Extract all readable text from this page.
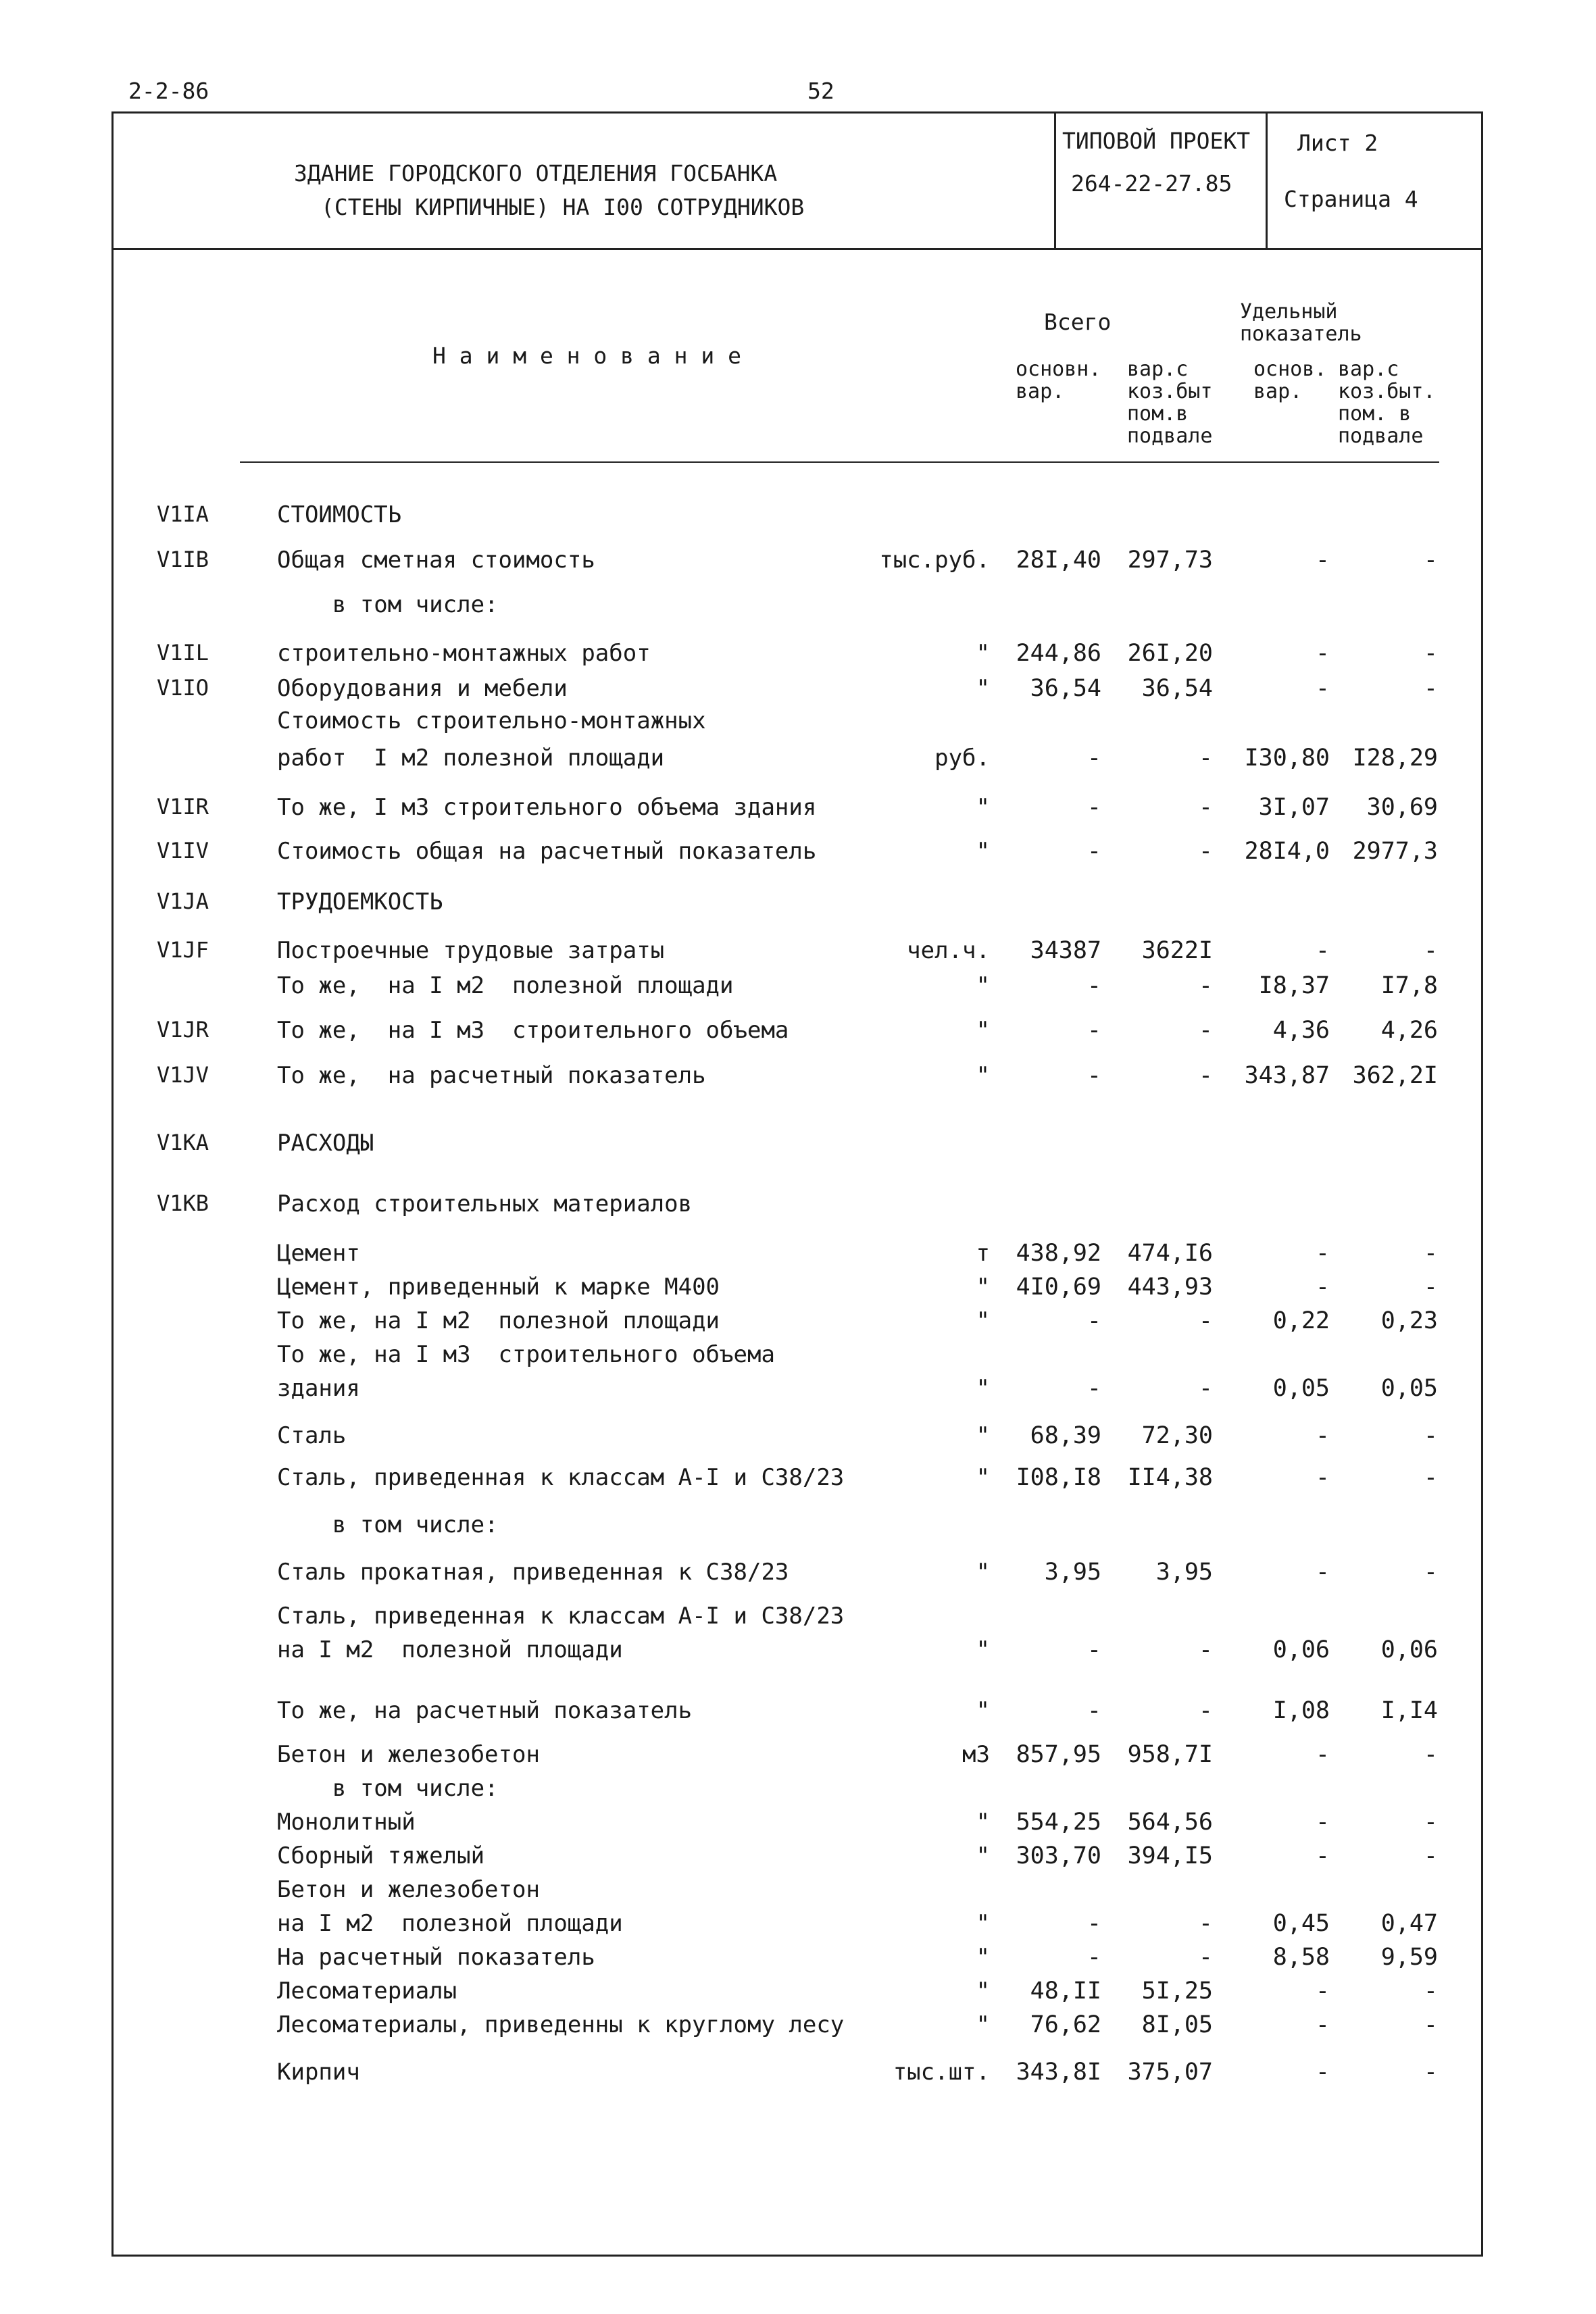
2-2-86	52
ЗДАНИЕ ГОРОДСКОГО ОТДЕЛЕНИЯ ГОСБАНКА
(СТЕНЫ КИРПИЧНЫЕ) НА I00 СОТРУДНИКОВ
ТИПОВОЙ ПРОЕКТ
264-22-27.85
Лист 2
Страница 4
Н а и м е н о в а н и е
Всего
основн.
вар.
вар.с
коз.быт
пом.в
подвале
Удельный
показатель
основ.
вар.
вар.с
коз.быт.
пом. в
подвале
V1IA	СТОИМОСТЬ
V1IB	Общая сметная стоимость	тыс.руб. 28I,40 297,73	-	-
в том числе:
V1IL	строительно-монтажных работ	" 244,86 26I,20	-	-
V1IO	Оборудования и мебели	" 36,54 36,54	-	-
Стоимость строительно-монтажных
работ  I м2 полезной площади	руб.	-	- I30,80 I28,29
V1IR	То же, I м3 строительного объема здания	"	-	- 3I,07 30,69
V1IV	Стоимость общая на расчетный показатель	"	-	- 28I4,0 2977,3
V1JA	ТРУДОЕМКОСТЬ
V1JF	Построечные трудовые затраты	чел.ч. 34387 3622I	-	-
То же,  на I м2  полезной площади	"	-	- I8,37 I7,8
V1JR	То же,  на I м3  строительного объема	"	-	-	4,36 4,26
V1JV	То же,  на расчетный показатель	"	-	- 343,87 362,2I
V1KA	РАСХОДЫ
V1KB	Расход строительных материалов
Цемент	т 438,92 474,I6	-	-
Цемент, приведенный к марке М400	" 4I0,69 443,93	-	-
То же, на I м2  полезной площади	"	-	-	0,22 0,23
То же, на I м3  строительного объема
здания	"	-	-	0,05 0,05
Сталь	" 68,39 72,30	-	-
Сталь, приведенная к классам А-I и С38/23	" I08,I8 II4,38	-	-
в том числе:
Сталь прокатная, приведенная к С38/23	" 3,95 3,95	-	-
Сталь, приведенная к классам А-I и С38/23
на I м2  полезной площади	"	-	-	0,06 0,06
То же, на расчетный показатель	"	-	-	I,08 I,I4
Бетон и железобетон	м3 857,95 958,7I	-	-
в том числе:
Монолитный	" 554,25 564,56	-	-
Сборный тяжелый	" 303,70 394,I5	-	-
Бетон и железобетон
на I м2  полезной площади	"	-	-	0,45 0,47
На расчетный показатель	"	-	-	8,58 9,59
Лесоматериалы	" 48,II 5I,25	-	-
Лесоматериалы, приведенны к круглому лесу	" 76,62 8I,05	-	-
Кирпич	тыс.шт. 343,8I 375,07	-	-
